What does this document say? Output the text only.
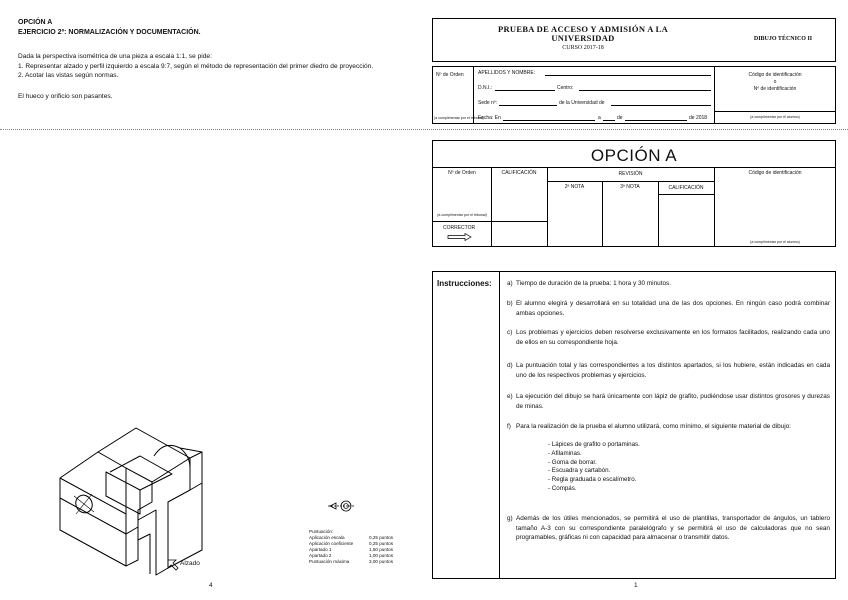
OPCIÓN A
EJERCICIO 2º: NORMALIZACIÓN Y DOCUMENTACIÓN.
Dada la perspectiva isométrica de una pieza a escala 1:1, se pide:
1. Representar alzado y perfil izquierdo a escala 9:7, según el método de representación del primer diedro de proyección.
2. Acotar las vistas según normas.
El hueco y orificio son pasantes.
Alzado
Puntuación:
Aplicación escala	0,25 puntos
Aplicación coeficiente	0,25 puntos
Apartado 1	1,50 puntos
Apartado 2	1,00 puntos
Puntuación máxima	3,00 puntos
4
PRUEBA DE ACCESO Y ADMISIÓN A LA
UNIVERSIDAD
CURSO 2017-18
DIBUJO TÉCNICO II
Nº de Orden
(a cumplimentar por el tribunal)
APELLIDOS Y NOMBRE:
D.N.I.:	Centro:
Sede nº:	de la Universidad de
Fecha: En	a	de	de 2018
Código de identificación
o
Nº de identificación
(a cumplimentar por el alumno)
OPCIÓN A
Nº de Orden
(a cumplimentar por el tribunal)
CALIFICACIÓN	REVISIÓN
2ª NOTA	3ª NOTA	CALIFICACIÓN
CORRECTOR
Código de identificación
(a cumplimentar por el alumno)
Instrucciones: a) Tiempo de duración de la prueba: 1 hora y 30 minutos.

b) El alumno elegirá y desarrollará en su totalidad una de las dos opciones. En ningún caso podrá combinar ambas opciones.

c) Los problemas y ejercicios deben resolverse exclusivamente en los formatos facilitados, realizando cada uno de ellos en su correspondiente hoja.

d) La puntuación total y las correspondientes a los distintos apartados, si los hubiere, están indicadas en cada uno de los respectivos problemas y ejercicios.

e) La ejecución del dibujo se hará únicamente con lápiz de grafito, pudiéndose usar distintos grosores y durezas de minas.

f) Para la realización de la prueba el alumno utilizará, como mínimo, el siguiente material de dibujo:

- Lápices de grafito o portaminas.
- Afilaminas.
- Goma de borrar.
- Escuadra y cartabón.
- Regla graduada o escalímetro.
- Compás.
g) Además de los útiles mencionados, se permitirá el uso de plantillas, transportador de ángulos, un tablero tamaño A-3 con su correspondiente paralelógrafo y se permitirá el uso de calculadoras que no sean programables, gráficas ni con capacidad para almacenar o transmitir datos.

1
